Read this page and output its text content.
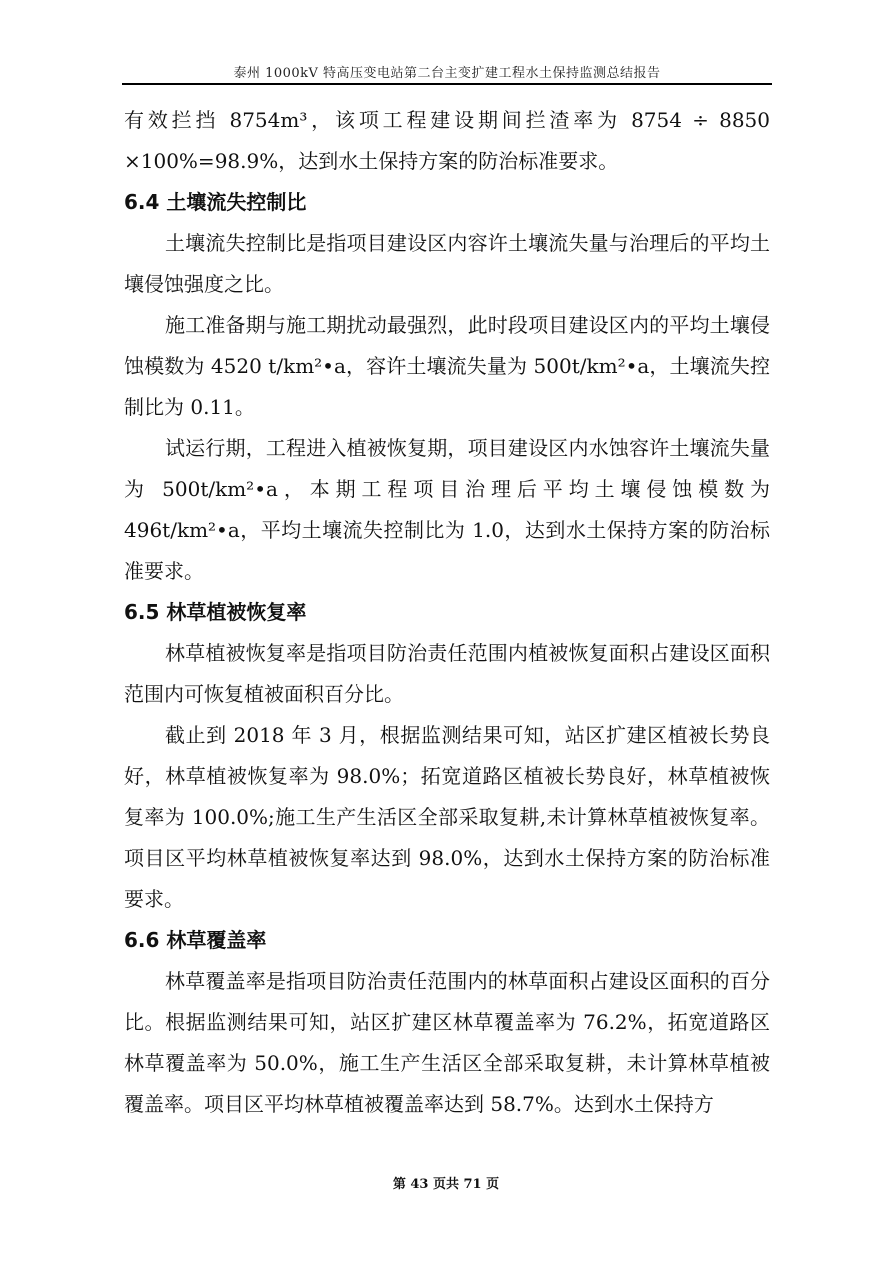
泰州 1000kV 特高压变电站第二台主变扩建工程水土保持监测总结报告

有效拦挡 8754m³，该项工程建设期间拦渣率为 8754 ÷ 8850 ×100%=98.9%，达到水土保持方案的防治标准要求。

6.4 土壤流失控制比

土壤流失控制比是指项目建设区内容许土壤流失量与治理后的平均土壤侵蚀强度之比。

施工准备期与施工期扰动最强烈，此时段项目建设区内的平均土壤侵蚀模数为 4520 t/km²•a，容许土壤流失量为 500t/km²•a，土壤流失控制比为 0.11。

试运行期，工程进入植被恢复期，项目建设区内水蚀容许土壤流失量为 500t/km²•a，本期工程项目治理后平均土壤侵蚀模数为 496t/km²•a，平均土壤流失控制比为 1.0，达到水土保持方案的防治标准要求。

6.5 林草植被恢复率

林草植被恢复率是指项目防治责任范围内植被恢复面积占建设区面积范围内可恢复植被面积百分比。

截止到 2018 年 3 月，根据监测结果可知，站区扩建区植被长势良好，林草植被恢复率为 98.0%；拓宽道路区植被长势良好，林草植被恢复率为 100.0%;施工生产生活区全部采取复耕,未计算林草植被恢复率。项目区平均林草植被恢复率达到 98.0%，达到水土保持方案的防治标准要求。

6.6 林草覆盖率

林草覆盖率是指项目防治责任范围内的林草面积占建设区面积的百分比。根据监测结果可知，站区扩建区林草覆盖率为 76.2%，拓宽道路区林草覆盖率为 50.0%，施工生产生活区全部采取复耕，未计算林草植被覆盖率。项目区平均林草植被覆盖率达到 58.7%。达到水土保持方

第 43 页共 71 页
